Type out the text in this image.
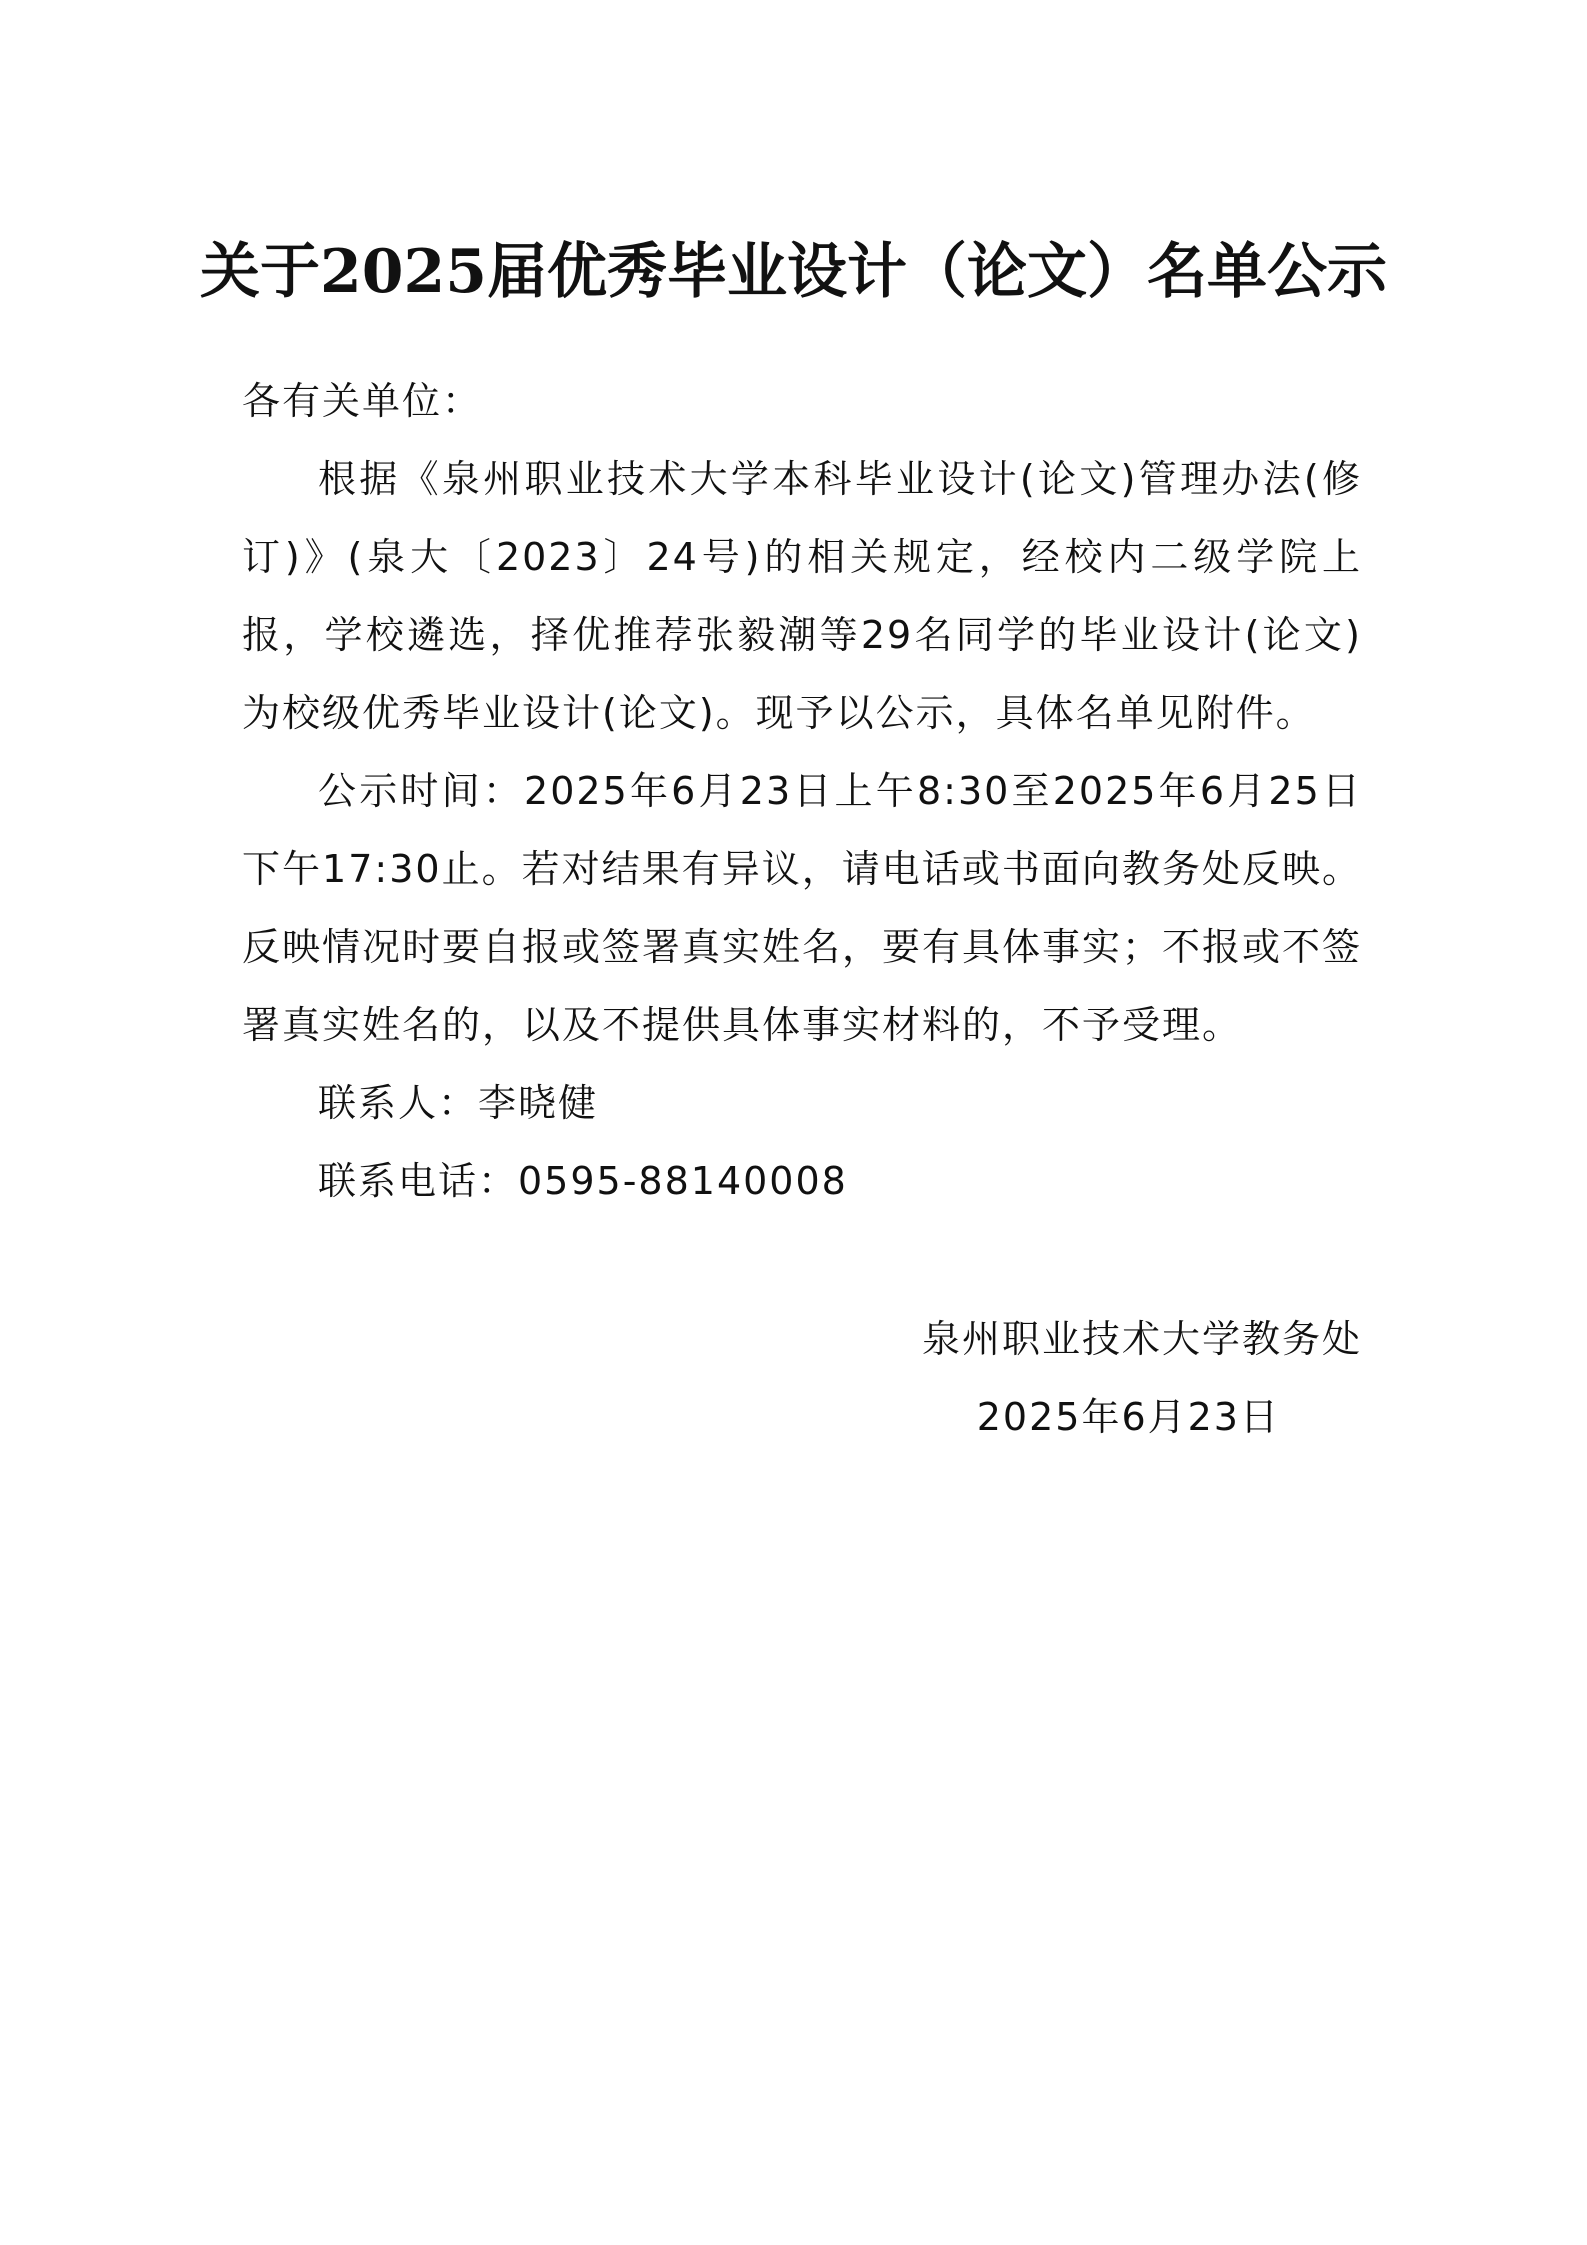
关于2025届优秀毕业设计（论文）名单公示

各有关单位：

根据《泉州职业技术大学本科毕业设计(论文)管理办法(修订)》(泉大〔2023〕24号)的相关规定，经校内二级学院上报，学校遴选，择优推荐张毅潮等29名同学的毕业设计(论文)为校级优秀毕业设计(论文)。现予以公示，具体名单见附件。

公示时间：2025年6月23日上午8:30至2025年6月25日下午17:30止。若对结果有异议，请电话或书面向教务处反映。反映情况时要自报或签署真实姓名，要有具体事实；不报或不签署真实姓名的，以及不提供具体事实材料的，不予受理。

联系人：李晓健

联系电话：0595-88140008

泉州职业技术大学教务处

2025年6月23日
